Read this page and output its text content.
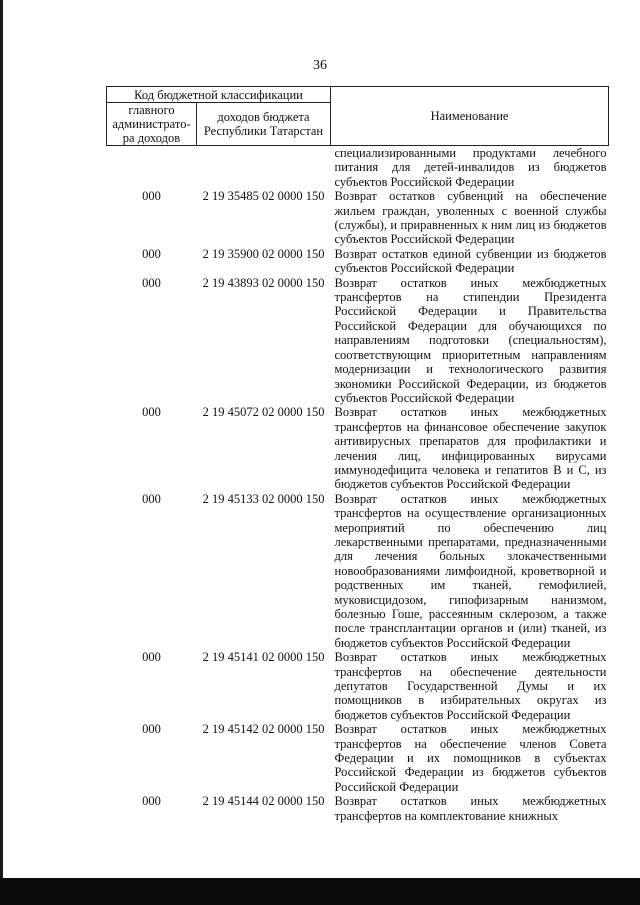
36
Код бюджетной классификации		Наименование
главного администрато-ра доходов	доходов бюджета Республики Татарстан	
		специализированными продуктами лечебного питания для детей-инвалидов из бюджетов субъектов Российской Федерации
000	2 19 35485 02 0000 150	Возврат остатков субвенций на обеспечение жильем граждан, уволенных с военной службы (службы), и приравненных к ним лиц из бюджетов субъектов Российской Федерации
000	2 19 35900 02 0000 150	Возврат остатков единой субвенции из бюджетов субъектов Российской Федерации
000	2 19 43893 02 0000 150	Возврат остатков иных межбюджетных трансфертов на стипендии Президента Российской Федерации и Правительства Российской Федерации для обучающихся по направлениям подготовки (специальностям), соответствующим приоритетным направлениям модернизации и технологического развития экономики Российской Федерации, из бюджетов субъектов Российской Федерации
000	2 19 45072 02 0000 150	Возврат остатков иных межбюджетных трансфертов на финансовое обеспечение закупок антивирусных препаратов для профилактики и лечения лиц, инфицированных вирусами иммунодефицита человека и гепатитов В и С, из бюджетов субъектов Российской Федерации
000	2 19 45133 02 0000 150	Возврат остатков иных межбюджетных трансфертов на осуществление организационных мероприятий по обеспечению лиц лекарственными препаратами, предназначенными для лечения больных злокачественными новообразованиями лимфоидной, кроветворной и родственных им тканей, гемофилией, муковисцидозом, гипофизарным нанизмом, болезнью Гоше, рассеянным склерозом, а также после трансплантации органов и (или) тканей, из бюджетов субъектов Российской Федерации
000	2 19 45141 02 0000 150	Возврат остатков иных межбюджетных трансфертов на обеспечение деятельности депутатов Государственной Думы и их помощников в избирательных округах из бюджетов субъектов Российской Федерации
000	2 19 45142 02 0000 150	Возврат остатков иных межбюджетных трансфертов на обеспечение членов Совета Федерации и их помощников в субъектах Российской Федерации из бюджетов субъектов Российской Федерации
000	2 19 45144 02 0000 150	Возврат остатков иных межбюджетных трансфертов на комплектование книжных
